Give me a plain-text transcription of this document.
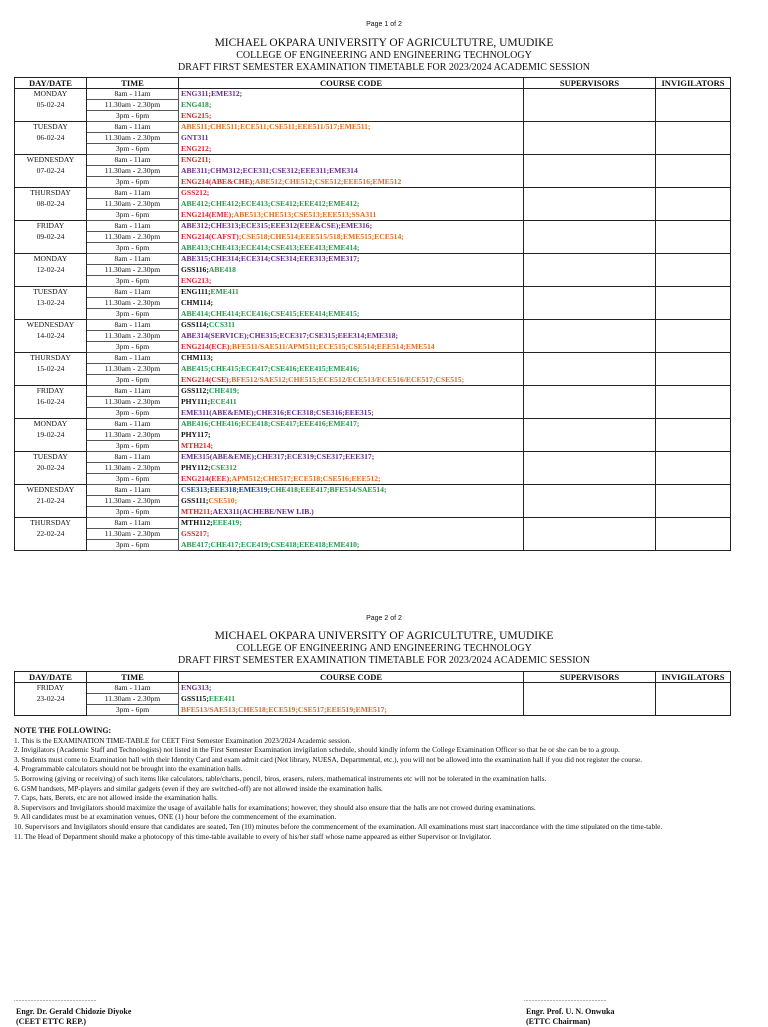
Page 1 of 2
MICHAEL OKPARA UNIVERSITY OF AGRICULTUTRE, UMUDIKE
COLLEGE OF ENGINEERING AND ENGINEERING TECHNOLOGY
DRAFT FIRST SEMESTER EXAMINATION TIMETABLE FOR 2023/2024 ACADEMIC SESSION
DAY/DATE	TIME	COURSE CODE	SUPERVISORS	INVIGILATORS
MONDAY	8am - 11am	ENG311;EME312;		
05-02-24	11.30am - 2.30pm	ENG418;		
	3pm - 6pm	ENG215;		
TUESDAY	8am - 11am	ABE511;CHE511;ECE511;CSE511;EEE511/517;EME511;		
06-02-24	11.30am - 2.30pm	GNT311		
	3pm - 6pm	ENG212;		
WEDNESDAY	8am - 11am	ENG211;		
07-02-24	11.30am - 2.30pm	ABE311;CHM312;ECE311;CSE312;EEE311;EME314		
	3pm - 6pm	ENG214(ABE&CHE);ABE512;CHE512;CSE512;EEE516;EME512		
THURSDAY	8am - 11am	GSS212;		
08-02-24	11.30am - 2.30pm	ABE412;CHE412;ECE413;CSE412;EEE412;EME412;		
	3pm - 6pm	ENG214(EME);ABE513;CHE513;CSE513;EEE513;SSA311		
FRIDAY	8am - 11am	ABE312;CHE313;ECE315;EEE312(EEE&CSE);EME316;		
09-02-24	11.30am - 2.30pm	ENG214(CAFST);CSE518;CHE514;EEE515/518;EME515;ECE514;		
	3pm - 6pm	ABE413;CHE413;ECE414;CSE413;EEE413;EME414;		
MONDAY	8am - 11am	ABE315;CHE314;ECE314;CSE314;EEE313;EME317;		
12-02-24	11.30am - 2.30pm	GSS116;ABE418		
	3pm - 6pm	ENG213;		
TUESDAY	8am - 11am	ENG111;EME411		
13-02-24	11.30am - 2.30pm	CHM114;		
	3pm - 6pm	ABE414;CHE414;ECE416;CSE415;EEE414;EME415;		
WEDNESDAY	8am - 11am	GSS114;CCS311		
14-02-24	11.30am - 2.30pm	ABE314(SERVICE);CHE315;ECE317;CSE315;EEE314;EME318;		
	3pm - 6pm	ENG214(ECE);BFE511/SAE511/APM511;ECE515;CSE514;EEE514;EME514		
THURSDAY	8am - 11am	CHM113;		
15-02-24	11.30am - 2.30pm	ABE415;CHE415;ECE417;CSE416;EEE415;EME416;		
	3pm - 6pm	ENG214(CSE);BFE512/SAE512;CHE515;ECE512/ECE513/ECE516/ECE517;CSE515;		
FRIDAY	8am - 11am	GSS112;CHE419;		
16-02-24	11.30am - 2.30pm	PHY111;ECE411		
	3pm - 6pm	EME311(ABE&EME);CHE316;ECE318;CSE316;EEE315;		
MONDAY	8am - 11am	ABE416;CHE416;ECE418;CSE417;EEE416;EME417;		
19-02-24	11.30am - 2.30pm	PHY117;		
	3pm - 6pm	MTH214;		
TUESDAY	8am - 11am	EME315(ABE&EME);CHE317;ECE319;CSE317;EEE317;		
20-02-24	11.30am - 2.30pm	PHY112;CSE312		
	3pm - 6pm	ENG214(EEE);APM512;CHE517;ECE518;CSE516;EEE512;		
WEDNESDAY	8am - 11am	CSE313;EEE318;EME319;CHE418;EEE417;BFE514/SAE514;		
21-02-24	11.30am - 2.30pm	GSS111;CSE510;		
	3pm - 6pm	MTH211;AEX311(ACHEBE/NEW LIB.)		
THURSDAY	8am - 11am	MTH112;EEE419;		
22-02-24	11.30am - 2.30pm	GSS217;		
	3pm - 6pm	ABE417;CHE417;ECE419;CSE418;EEE418;EME410;		
Page 2 of 2
MICHAEL OKPARA UNIVERSITY OF AGRICULTUTRE, UMUDIKE
COLLEGE OF ENGINEERING AND ENGINEERING TECHNOLOGY
DRAFT FIRST SEMESTER EXAMINATION TIMETABLE FOR 2023/2024 ACADEMIC SESSION
DAY/DATE	TIME	COURSE CODE	SUPERVISORS	INVIGILATORS
FRIDAY	8am - 11am	ENG313;		
23-02-24	11.30am - 2.30pm	GSS115;EEE411		
	3pm - 6pm	BFE513/SAE513;CHE518;ECE519;CSE517;EEE519;EME517;		
NOTE THE FOLLOWING:
1. This is the EXAMINATION TIME-TABLE for CEET First Semester Examination 2023/2024 Academic session.
2. Invigilators (Academic Staff and Technologists) not listed in the First Semester Examination invigilation schedule, should kindly inform the College Examination Officer so that he or she can be to a group.
3. Students must come to Examination hall with their Identity Card and exam admit card (Not library, NUESA, Departmental, etc.), you will not be allowed into the examination hall if you did not register the course.
4. Programmable calculators should not be brought into the examination halls.
5. Borrowing (giving or receiving) of such items like calculators, table/charts, pencil, biros, erasers, rulers, mathematical instruments etc will not be tolerated in the examination halls.
6. GSM handsets, MP-players and similar gadgets (even if they are switched-off) are not allowed inside the examination halls.
7. Caps, hats, Berets, etc are not allowed inside the examination halls.
8. Supervisors and Invigilators should maximize the usage of available halls for examinations; however, they should also ensure that the halls are not crowed during examinations.
9. All candidates must be at examination venues, ONE (1) hour before the commencement of the examination.
10. Supervisors and Invigilators should ensure that candidates are seated, Ten (10) minutes before the commencement of the examination. All examinations must start inaccordance with the time stipulated on the time-table.
11. The Head of Department should make a photocopy of this time-table available to every of his/her staff whose name appeared as either Supervisor or Invigilator.
.......................................................
Engr. Dr. Gerald Chidozie Diyoke
(CEET ETTC REP.)
.......................................................
Engr. Prof. U. N. Onwuka
(ETTC Chairman)
